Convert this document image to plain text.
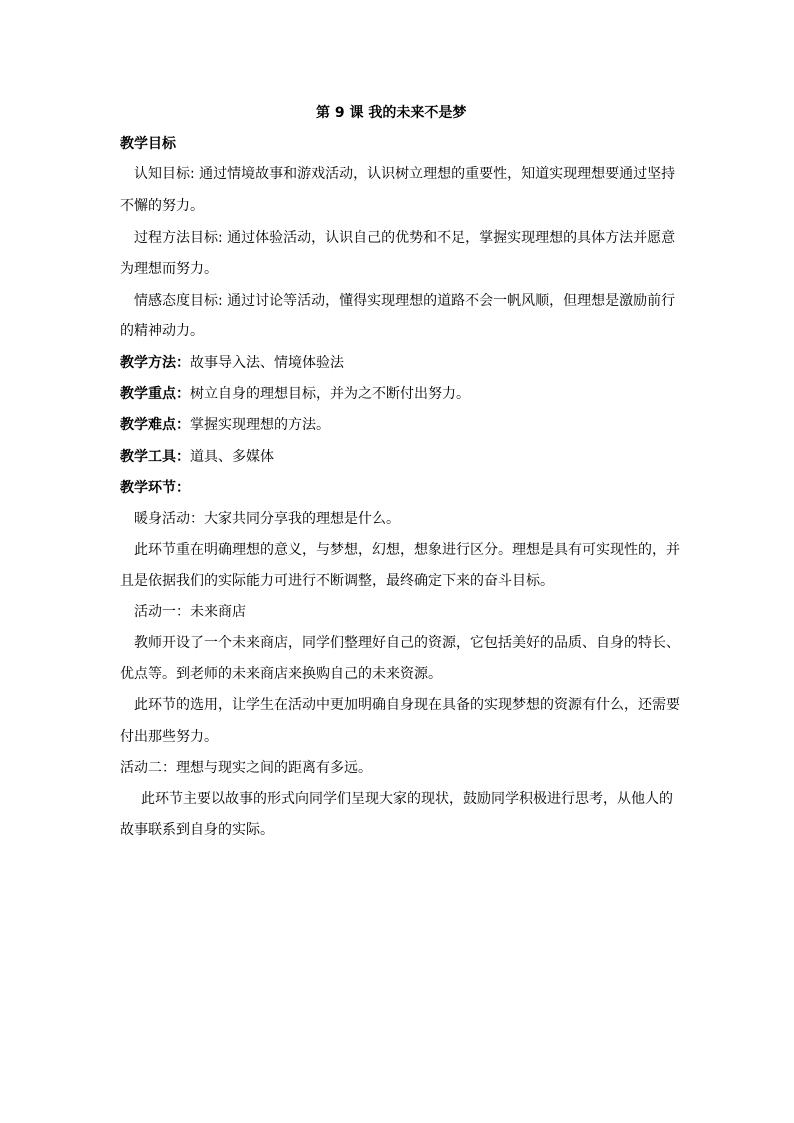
第 9 课 我的未来不是梦
教学目标
认知目标: 通过情境故事和游戏活动，认识树立理想的重要性，知道实现理想要通过坚持
不懈的努力。
过程方法目标: 通过体验活动，认识自己的优势和不足，掌握实现理想的具体方法并愿意
为理想而努力。
情感态度目标: 通过讨论等活动，懂得实现理想的道路不会一帆风顺，但理想是激励前行
的精神动力。
教学方法：故事导入法、情境体验法
教学重点：树立自身的理想目标，并为之不断付出努力。
教学难点：掌握实现理想的方法。
教学工具：道具、多媒体
教学环节：
暖身活动：大家共同分享我的理想是什么。
此环节重在明确理想的意义，与梦想，幻想，想象进行区分。理想是具有可实现性的，并
且是依据我们的实际能力可进行不断调整，最终确定下来的奋斗目标。
活动一：未来商店
教师开设了一个未来商店，同学们整理好自己的资源，它包括美好的品质、自身的特长、
优点等。到老师的未来商店来换购自己的未来资源。
此环节的选用，让学生在活动中更加明确自身现在具备的实现梦想的资源有什么，还需要
付出那些努力。
活动二：理想与现实之间的距离有多远。
此环节主要以故事的形式向同学们呈现大家的现状，鼓励同学积极进行思考，从他人的
故事联系到自身的实际。
